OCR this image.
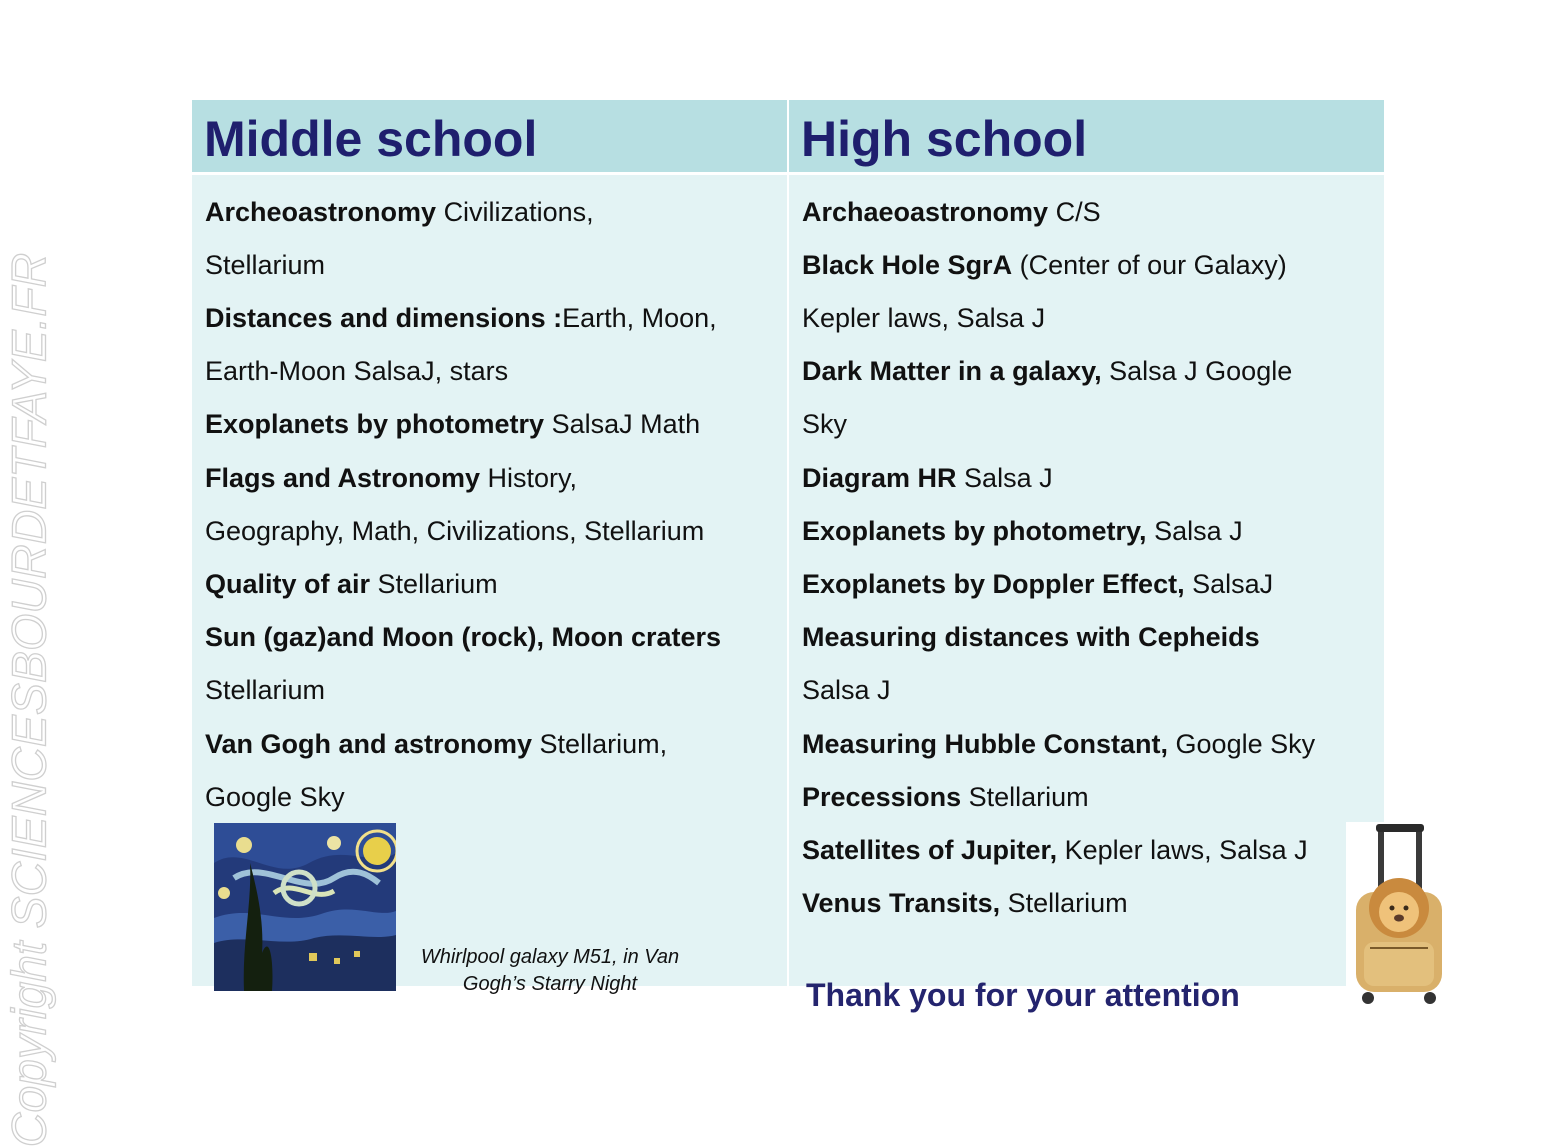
Copyright SCIENCESBOURDETFAYE.FR
Middle school	High school
Archeoastronomy Civilizations,
Stellarium
Distances and dimensions :Earth, Moon,
Earth-Moon SalsaJ, stars
Exoplanets by photometry SalsaJ Math
Flags and Astronomy History,
Geography, Math, Civilizations, Stellarium
Quality of air Stellarium
Sun (gaz)and Moon (rock), Moon craters
Stellarium
Van Gogh and astronomy Stellarium,
Google Sky
Archaeoastronomy C/S
Black Hole SgrA (Center of our Galaxy)
Kepler laws, Salsa J
Dark Matter in a galaxy, Salsa J Google
Sky
Diagram HR Salsa J
Exoplanets by photometry, Salsa J
Exoplanets by Doppler Effect, SalsaJ
Measuring distances with Cepheids
Salsa J
Measuring Hubble Constant, Google Sky
Precessions Stellarium
Satellites of Jupiter, Kepler laws, Salsa J
Venus Transits, Stellarium
Whirlpool galaxy M51, in Van
Gogh’s Starry Night	Thank you for your attention
